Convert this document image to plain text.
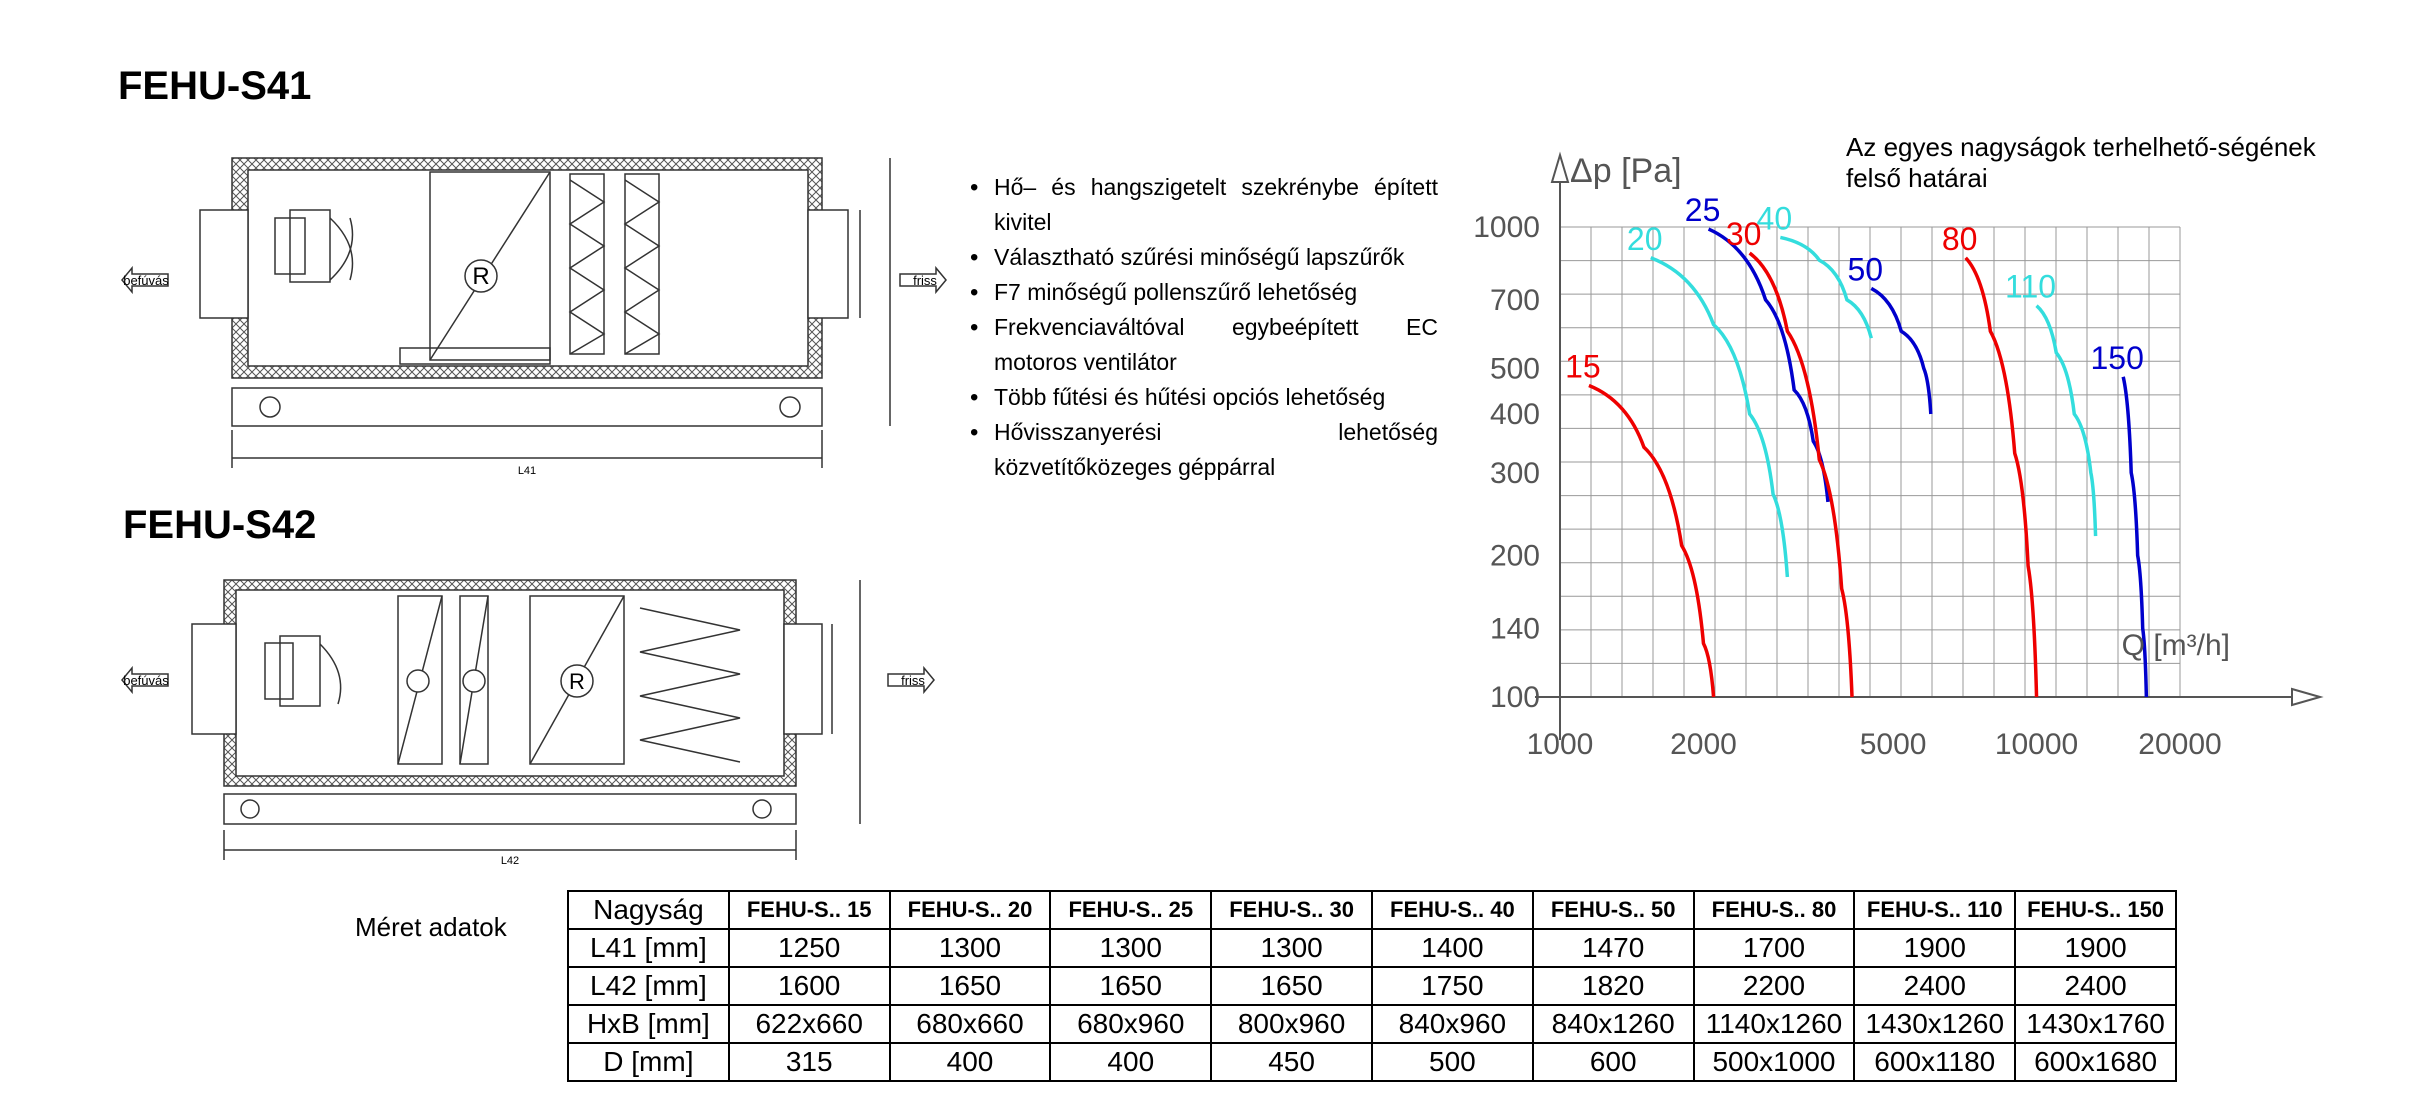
FEHU-S41
FEHU-S42
R
befúvás	friss
L41
R
befúvás	friss
L42
• Hő– és hangszigetelt szekrénybe épített kivitel
• Választható szűrési minőségű lapszűrők
• F7 minőségű pollenszűrő lehetőség
• Frekvenciaváltóval egybeépített EC motoros ventilátor
• Több fűtési és hűtési opciós lehetőség
• Hővisszanyerési lehetőség közvetítőközeges géppárral
Az egyes nagyságok terhelhető-ségének felső határai
15
20
25
30
40
50
80
110
150
1000	2000	5000 10000 20000
100
140
200
300
400
500
700
1000
Δp [Pa]
Q [m³/h]
Méret adatok
Nagyság	FEHU-S.. 15	FEHU-S.. 20	FEHU-S.. 25	FEHU-S.. 30	FEHU-S.. 40	FEHU-S.. 50	FEHU-S.. 80	FEHU-S.. 110	FEHU-S.. 150
L41 [mm]	1250	1300	1300	1300	1400	1470	1700	1900	1900
L42 [mm]	1600	1650	1650	1650	1750	1820	2200	2400	2400
HxB [mm]	622x660	680x660	680x960	800x960	840x960	840x1260	1140x1260	1430x1260	1430x1760
D [mm]	315	400	400	450	500	600	500x1000	600x1180	600x1680
